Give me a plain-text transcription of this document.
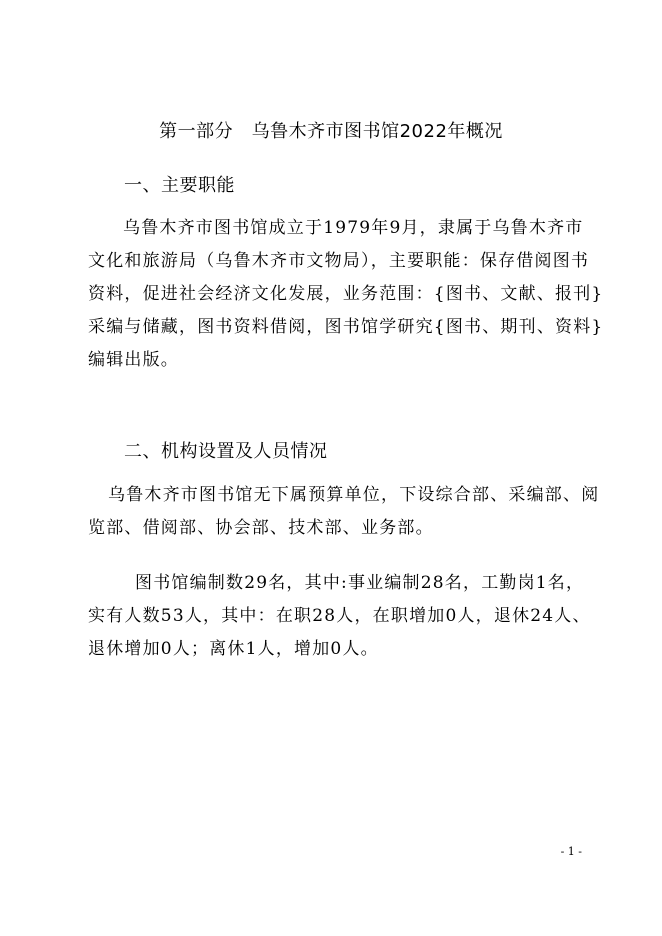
第一部分　乌鲁木齐市图书馆2022年概况
一、主要职能
乌鲁木齐市图书馆成立于1979年9月，隶属于乌鲁木齐市
文化和旅游局（乌鲁木齐市文物局），主要职能：保存借阅图书
资料，促进社会经济文化发展，业务范围：{图书、文献、报刊}
采编与储藏，图书资料借阅，图书馆学研究{图书、期刊、资料}
编辑出版。
二、机构设置及人员情况
乌鲁木齐市图书馆无下属预算单位，下设综合部、采编部、阅
览部、借阅部、协会部、技术部、业务部。
图书馆编制数29名，其中:事业编制28名，工勤岗1名，
实有人数53人，其中：在职28人，在职增加0人，退休24人、
退休增加0人；离休1人，增加0人。
- 1 -
